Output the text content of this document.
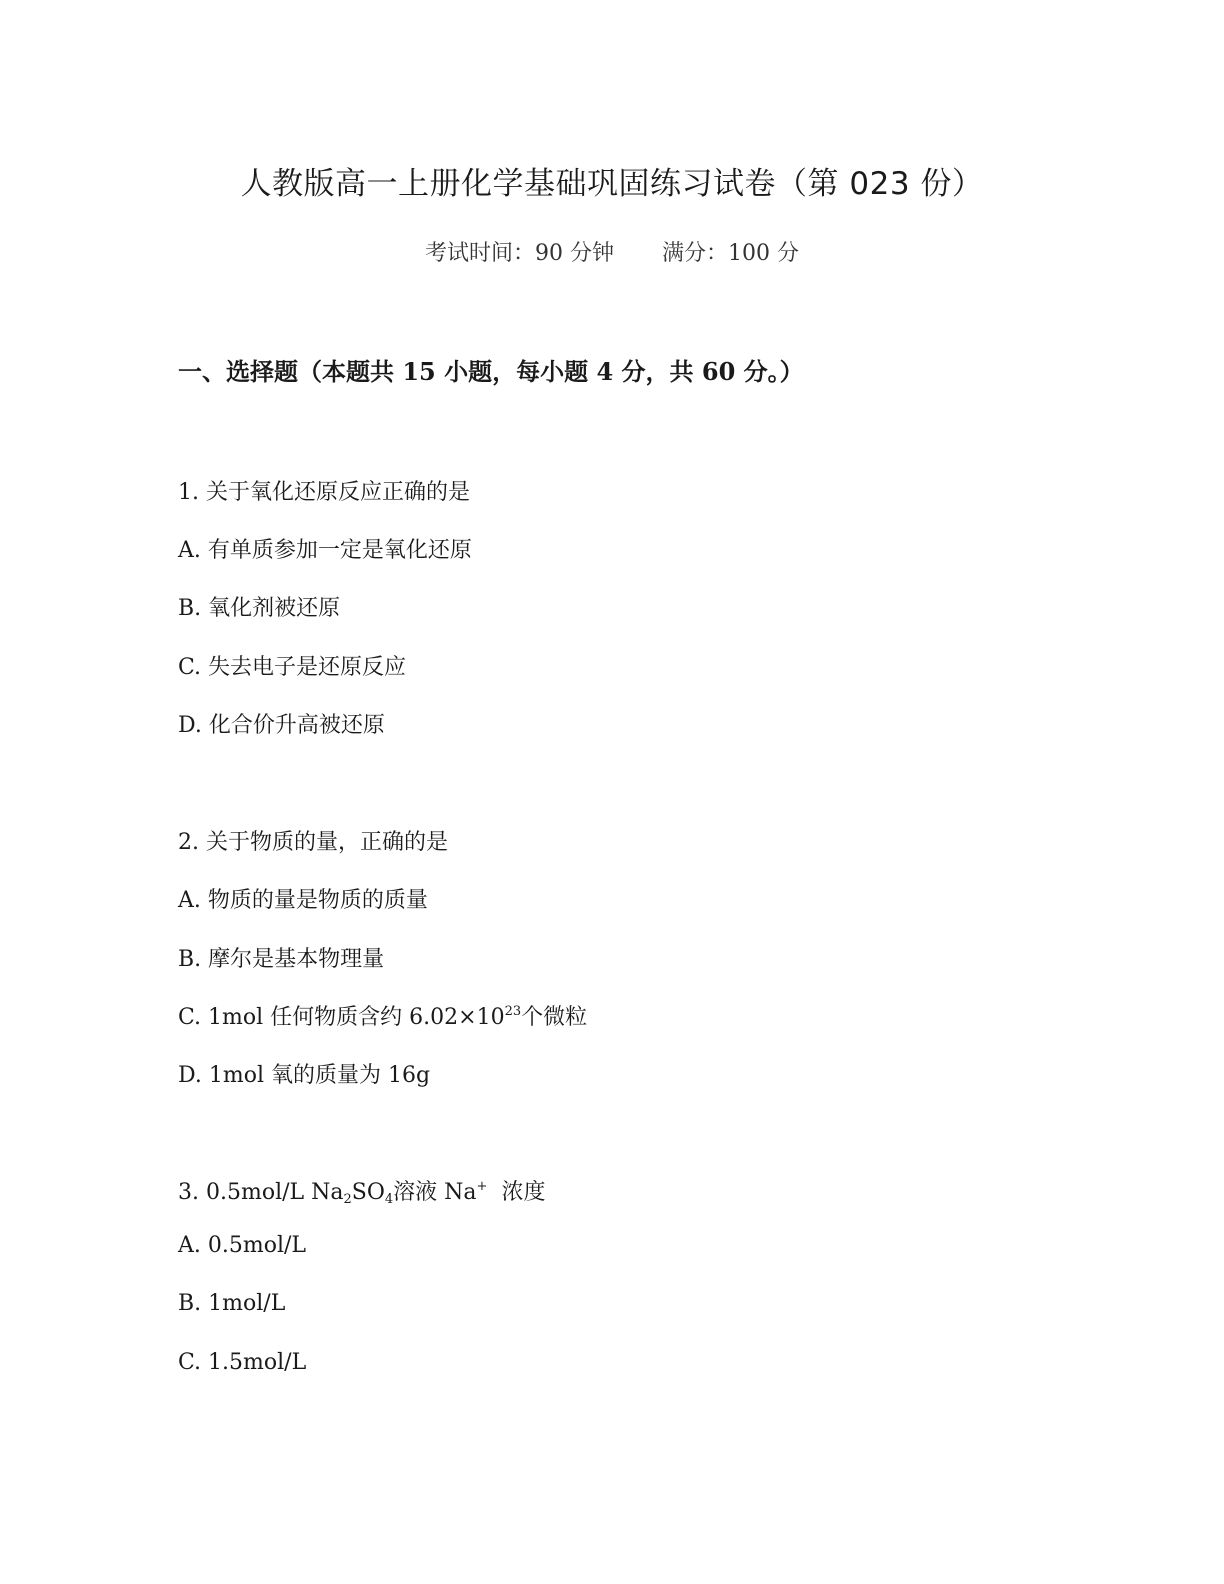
人教版高一上册化学基础巩固练习试卷（第 023 份）
考试时间：90 分钟 满分：100 分
一、选择题（本题共 15 小题，每小题 4 分，共 60 分。）
1. 关于氧化还原反应正确的是
A. 有单质参加一定是氧化还原
B. 氧化剂被还原
C. 失去电子是还原反应
D. 化合价升高被还原
2. 关于物质的量，正确的是
A. 物质的量是物质的质量
B. 摩尔是基本物理量
C. 1mol 任何物质含约 $6.02\times 10^{23}$个微粒
D. 1mol 氧的质量为 16g
3. 0.5mol/L $Na_2SO_4$溶液 Na+  浓度
A. 0.5mol/L
B. 1mol/L
C. 1.5mol/L
